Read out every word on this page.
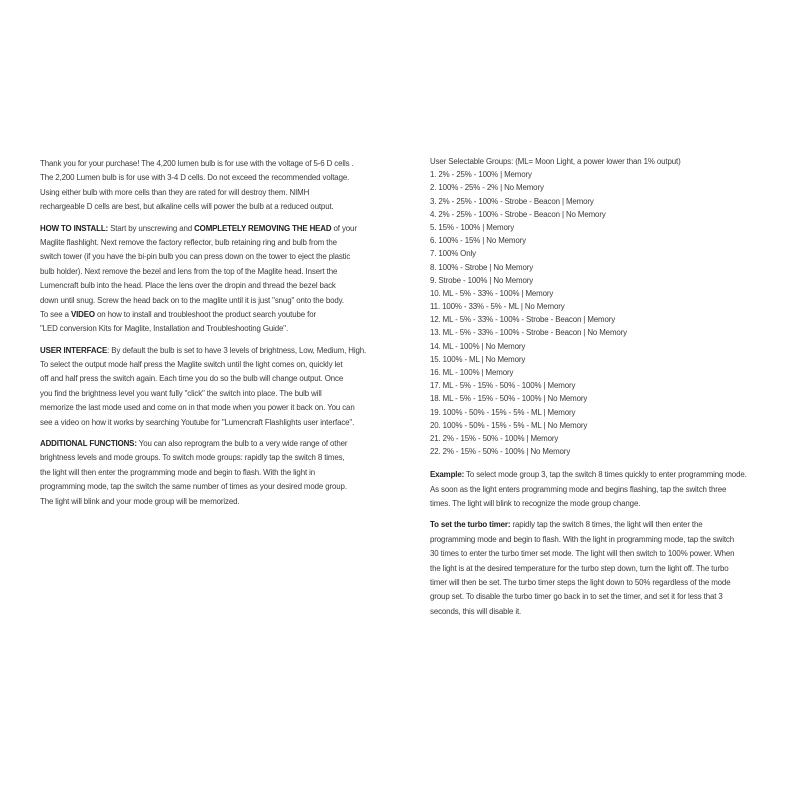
Thank you for your purchase! The 4,200 lumen bulb is for use with the voltage of 5-6 D cells .
The 2,200 Lumen bulb is for use with 3-4 D cells. Do not exceed the recommended voltage.
Using either bulb with more cells than they are rated for will destroy them. NIMH
rechargeable D cells are best, but alkaline cells will power the bulb at a reduced output.
HOW TO INSTALL: Start by unscrewing and COMPLETELY REMOVING THE HEAD of your
Maglite flashlight. Next remove the factory reflector, bulb retaining ring and bulb from the
switch tower (if you have the bi-pin bulb you can press down on the tower to eject the plastic
bulb holder). Next remove the bezel and lens from the top of the Maglite head. Insert the
Lumencraft bulb into the head. Place the lens over the dropin and thread the bezel back
down until snug. Screw the head back on to the maglite until it is just "snug" onto the body.
To see a VIDEO on how to install and troubleshoot the product search youtube for
"LED conversion Kits for Maglite, Installation and Troubleshooting Guide".
USER INTERFACE: By default the bulb is set to have 3 levels of brightness, Low, Medium, High.
To select the output mode half press the Maglite switch until the light comes on, quickly let
off and half press the switch again. Each time you do so the bulb will change output. Once
you find the brightness level you want fully "click" the switch into place. The bulb will
memorize the last mode used and come on in that mode when you power it back on. You can
see a video on how it works by searching Youtube for "Lumencraft Flashlights user interface".
ADDITIONAL FUNCTIONS: You can also reprogram the bulb to a very wide range of other
brightness levels and mode groups. To switch mode groups: rapidly tap the switch 8 times,
the light will then enter the programming mode and begin to flash. With the light in
programming mode, tap the switch the same number of times as your desired mode group.
The light will blink and your mode group will be memorized.
User Selectable Groups: (ML= Moon Light, a power lower than 1% output)
1. 2% - 25% - 100% | Memory
2. 100% - 25% - 2% | No Memory
3. 2% - 25% - 100% - Strobe - Beacon | Memory
4. 2% - 25% - 100% - Strobe - Beacon | No Memory
5. 15% - 100% | Memory
6. 100% - 15% | No Memory
7. 100% Only
8. 100% - Strobe | No Memory
9. Strobe - 100% | No Memory
10. ML - 5% - 33% - 100% | Memory
11. 100% - 33% - 5% - ML | No Memory
12. ML - 5% - 33% - 100% - Strobe - Beacon | Memory
13. ML - 5% - 33% - 100% - Strobe - Beacon | No Memory
14. ML - 100% | No Memory
15. 100% - ML | No Memory
16. ML - 100% | Memory
17. ML - 5% - 15% - 50% - 100% | Memory
18. ML - 5% - 15% - 50% - 100% | No Memory
19. 100% - 50% - 15% - 5% - ML | Memory
20. 100% - 50% - 15% - 5% - ML | No Memory
21. 2% - 15% - 50% - 100% | Memory
22. 2% - 15% - 50% - 100% | No Memory
Example: To select mode group 3, tap the switch 8 times quickly to enter programming mode.
As soon as the light enters programming mode and begins flashing, tap the switch three
times. The light will blink to recognize the mode group change.
To set the turbo timer: rapidly tap the switch 8 times, the light will then enter the
programming mode and begin to flash. With the light in programming mode, tap the switch
30 times to enter the turbo timer set mode. The light will then switch to 100% power. When
the light is at the desired temperature for the turbo step down, turn the light off. The turbo
timer will then be set. The turbo timer steps the light down to 50% regardless of the mode
group set. To disable the turbo timer go back in to set the timer, and set it for less that 3
seconds, this will disable it.
